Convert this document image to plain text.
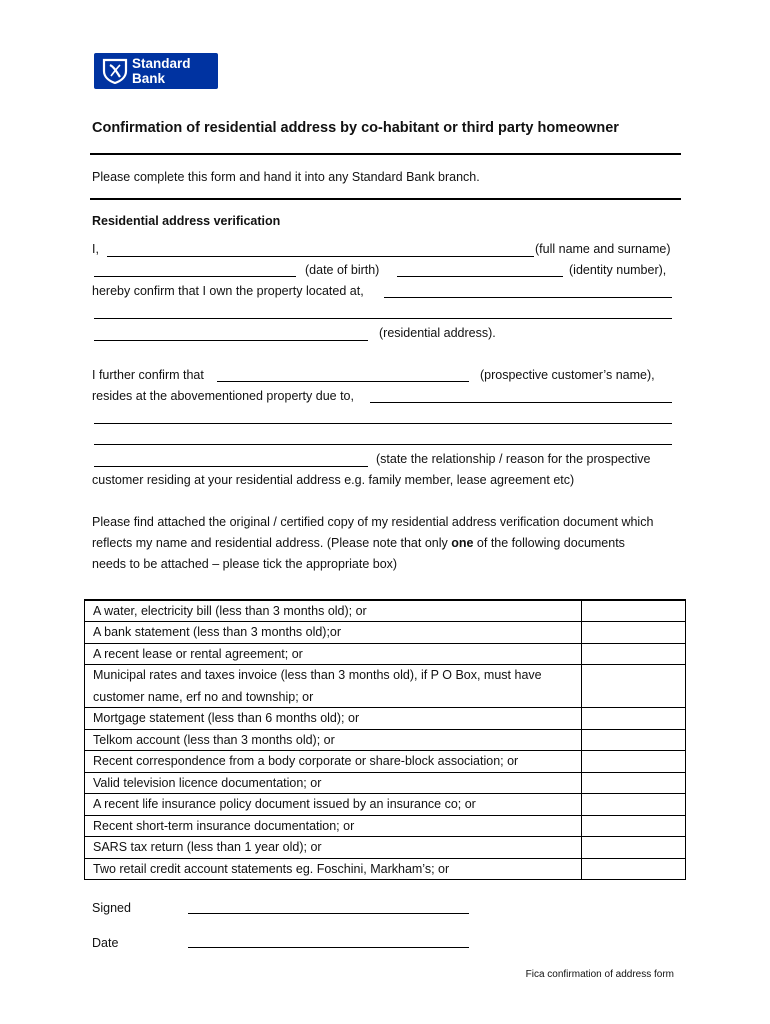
Standard
Bank
Confirmation of residential address by co-habitant or third party homeowner
Please complete this form and hand it into any Standard Bank branch.
Residential address verification
I,	(full name and surname)
(date of birth)	(identity number),
hereby confirm that I own the property located at,
(residential address).
I further confirm that	(prospective customer’s name),
resides at the abovementioned property due to,
(state the relationship / reason for the prospective
customer residing at your residential address e.g. family member, lease agreement etc)
Please find attached the original / certified copy of my residential address verification document which
reflects my name and residential address. (Please note that only one of the following documents
needs to be attached – please tick the appropriate box)
A water, electricity bill (less than 3 months old); or
A bank statement (less than 3 months old);or
A recent lease or rental agreement; or
Municipal rates and taxes invoice (less than 3 months old), if P O Box, must have customer name, erf no and township; or
Mortgage statement (less than 6 months old); or
Telkom account (less than 3 months old); or
Recent correspondence from a body corporate or share-block association; or
Valid television licence documentation; or
A recent life insurance policy document issued by an insurance co; or
Recent short-term insurance documentation; or
SARS tax return (less than 1 year old); or
Two retail credit account statements eg. Foschini, Markham’s; or
Signed
Date
Fica confirmation of address form
